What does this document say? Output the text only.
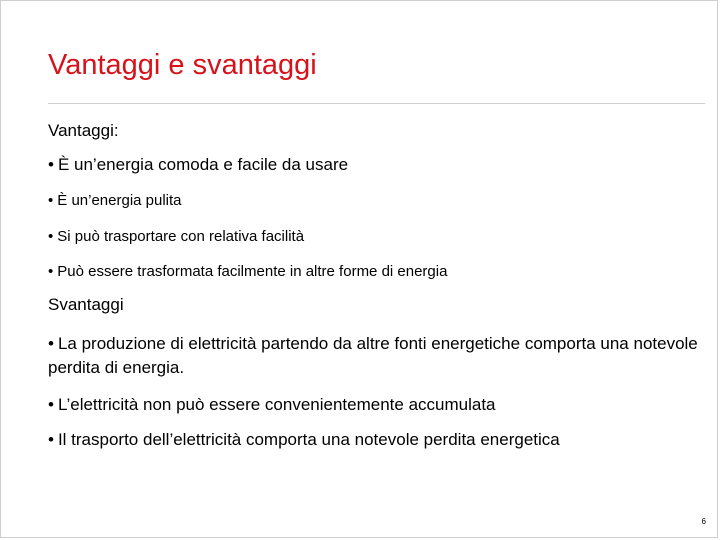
Vantaggi e svantaggi
Vantaggi:
• È un’energia comoda e facile da usare
• È un’energia pulita
• Si può trasportare con relativa facilità
• Può essere trasformata facilmente in altre forme di energia
Svantaggi
• La produzione di elettricità partendo da altre fonti energetiche comporta una notevole perdita di energia.
• L’elettricità non può essere convenientemente accumulata
• Il trasporto dell’elettricità comporta una notevole perdita energetica
6
